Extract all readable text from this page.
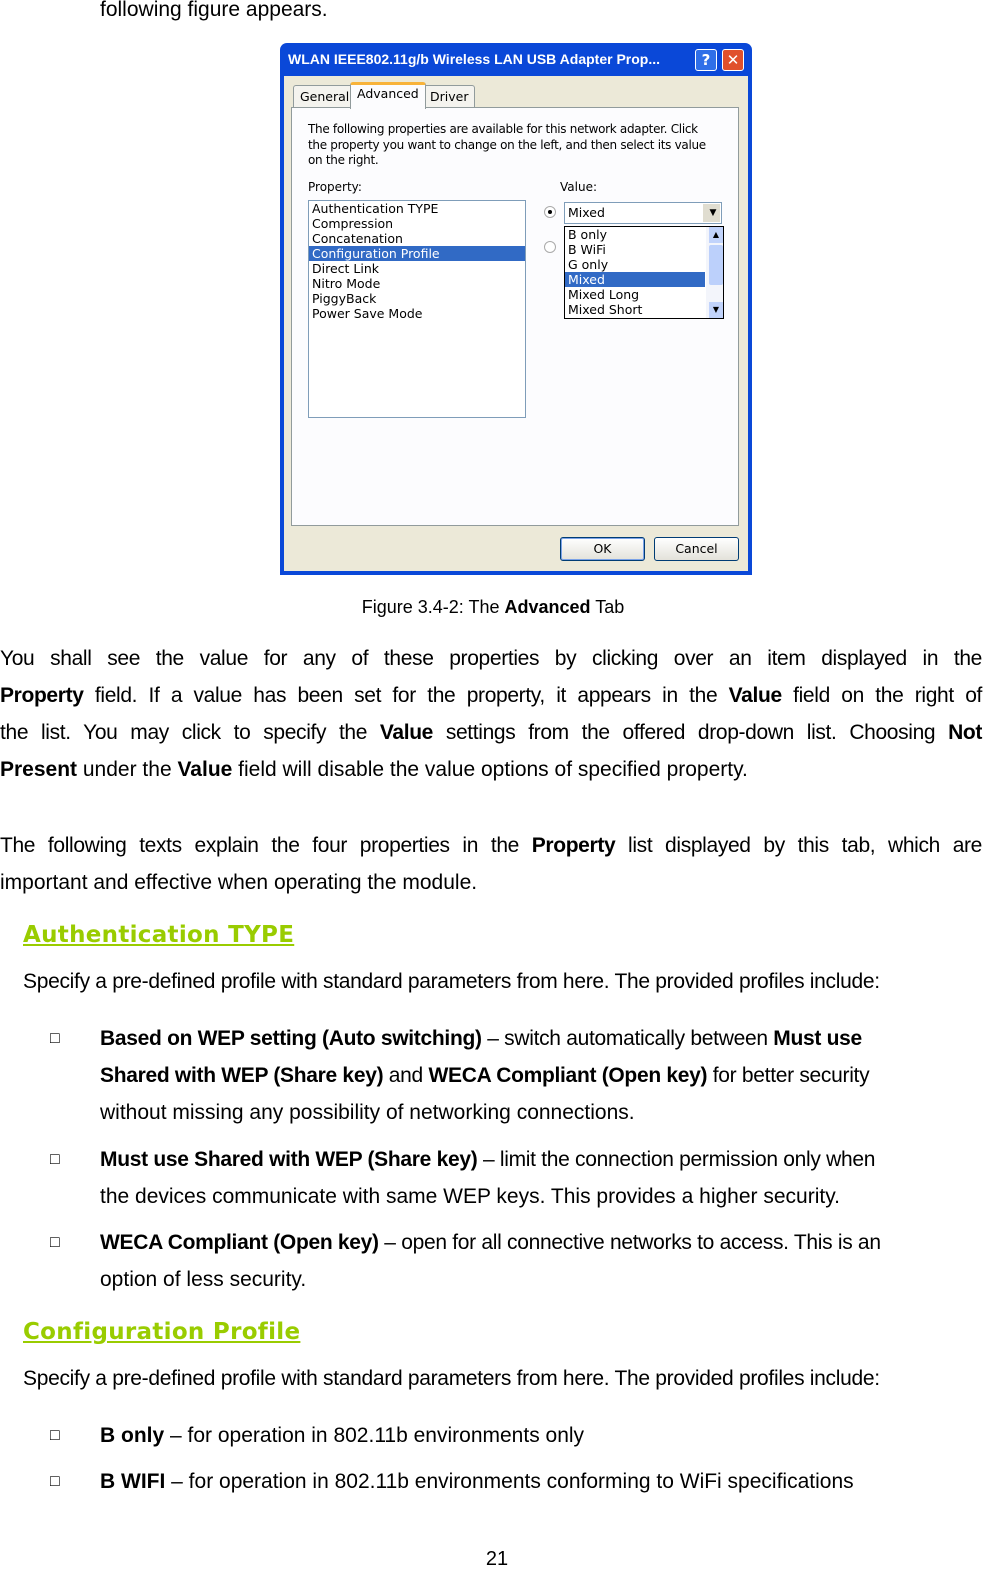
following figure appears.
WLAN IEEE802.11g/b Wireless LAN USB Adapter Prop...	?	✕
General Advanced Driver
The following properties are available for this network adapter. Click
the property you want to change on the left, and then select its value
on the right.
Property:	Value:
Authentication TYPE
Compression
Concatenation
Configuration Profile
Direct Link
Nitro Mode
PiggyBack
Power Save Mode
Mixed	▼
B only
B WiFi
G only
Mixed
Mixed Long
Mixed Short
▲
▼
OK	Cancel
Figure 3.4-2: The Advanced Tab
You shall see the value for any of these properties by clicking over an item displayed in the
Property field. If a value has been set for the property, it appears in the Value field on the right of
the list. You may click to specify the Value settings from the offered drop-down list. Choosing Not
Present under the Value field will disable the value options of specified property.
The following texts explain the four properties in the Property list displayed by this tab, which are
important and effective when operating the module.
Authentication TYPE
Specify a pre-defined profile with standard parameters from here. The provided profiles include:
□ Based on WEP setting (Auto switching) – switch automatically between Must use
Shared with WEP (Share key) and WECA Compliant (Open key) for better security
without missing any possibility of networking connections.
□ Must use Shared with WEP (Share key) – limit the connection permission only when
the devices communicate with same WEP keys. This provides a higher security.
□ WECA Compliant (Open key) – open for all connective networks to access. This is an
option of less security.
Configuration Profile
Specify a pre-defined profile with standard parameters from here. The provided profiles include:
□ B only – for operation in 802.11b environments only
□ B WIFI – for operation in 802.11b environments conforming to WiFi specifications
21
